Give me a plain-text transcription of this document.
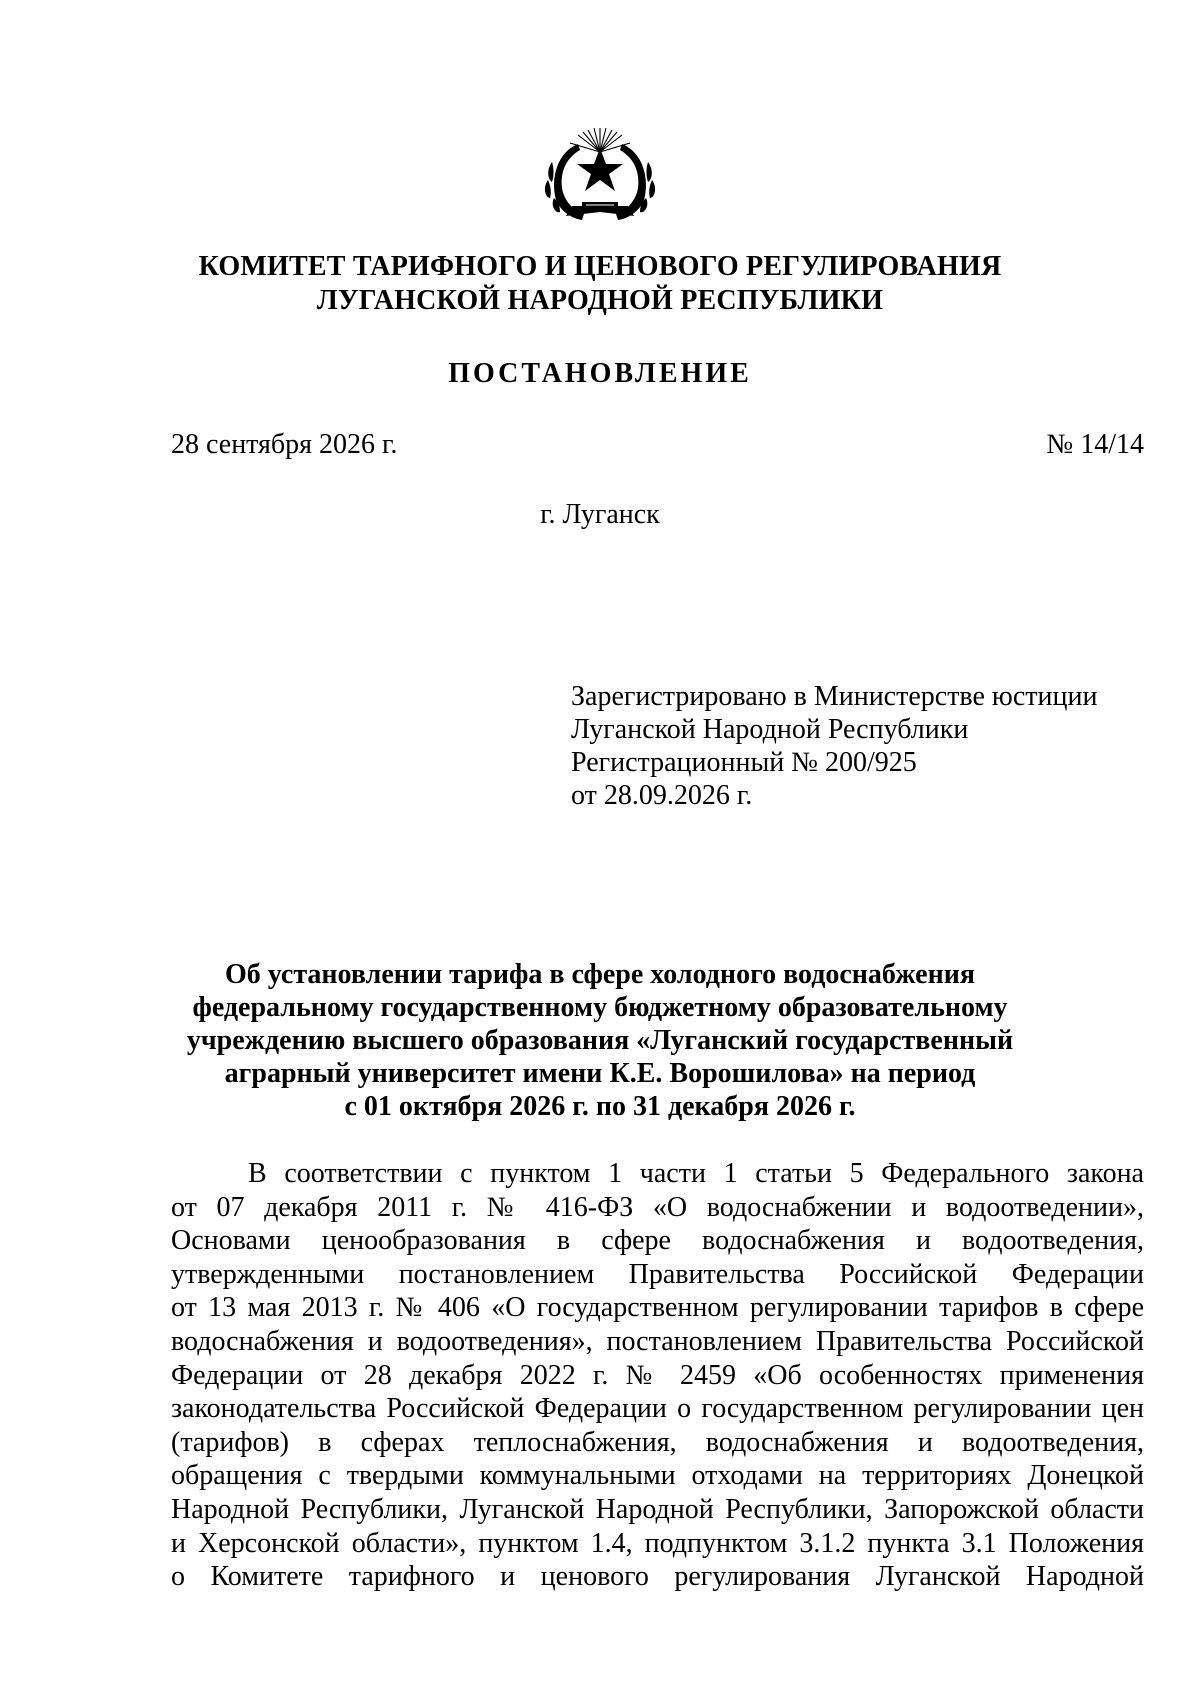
КОМИТЕТ ТАРИФНОГО И ЦЕНОВОГО РЕГУЛИРОВАНИЯ
ЛУГАНСКОЙ НАРОДНОЙ РЕСПУБЛИКИ
ПОСТАНОВЛЕНИЕ
28 сентября 2026 г.	№ 14/14
г. Луганск
Зарегистрировано в Министерстве юстиции
Луганской Народной Республики
Регистрационный № 200/925
от 28.09.2026 г.
Об установлении тарифа в сфере холодного водоснабжения
федеральному государственному бюджетному образовательному
учреждению высшего образования «Луганский государственный
аграрный университет имени К.Е. Ворошилова» на период
с 01 октября 2026 г. по 31 декабря 2026 г.
В соответствии с пунктом 1 части 1 статьи 5 Федерального закона
от 07 декабря 2011 г. № 416-ФЗ «О водоснабжении и водоотведении»,
Основами ценообразования в сфере водоснабжения и водоотведения,
утвержденными постановлением Правительства Российской Федерации
от 13 мая 2013 г. № 406 «О государственном регулировании тарифов в сфере
водоснабжения и водоотведения», постановлением Правительства Российской
Федерации от 28 декабря 2022 г. № 2459 «Об особенностях применения
законодательства Российской Федерации о государственном регулировании цен
(тарифов) в сферах теплоснабжения, водоснабжения и водоотведения,
обращения с твердыми коммунальными отходами на территориях Донецкой
Народной Республики, Луганской Народной Республики, Запорожской области
и Херсонской области», пунктом 1.4, подпунктом 3.1.2 пункта 3.1 Положения
о Комитете тарифного и ценового регулирования Луганской Народной
